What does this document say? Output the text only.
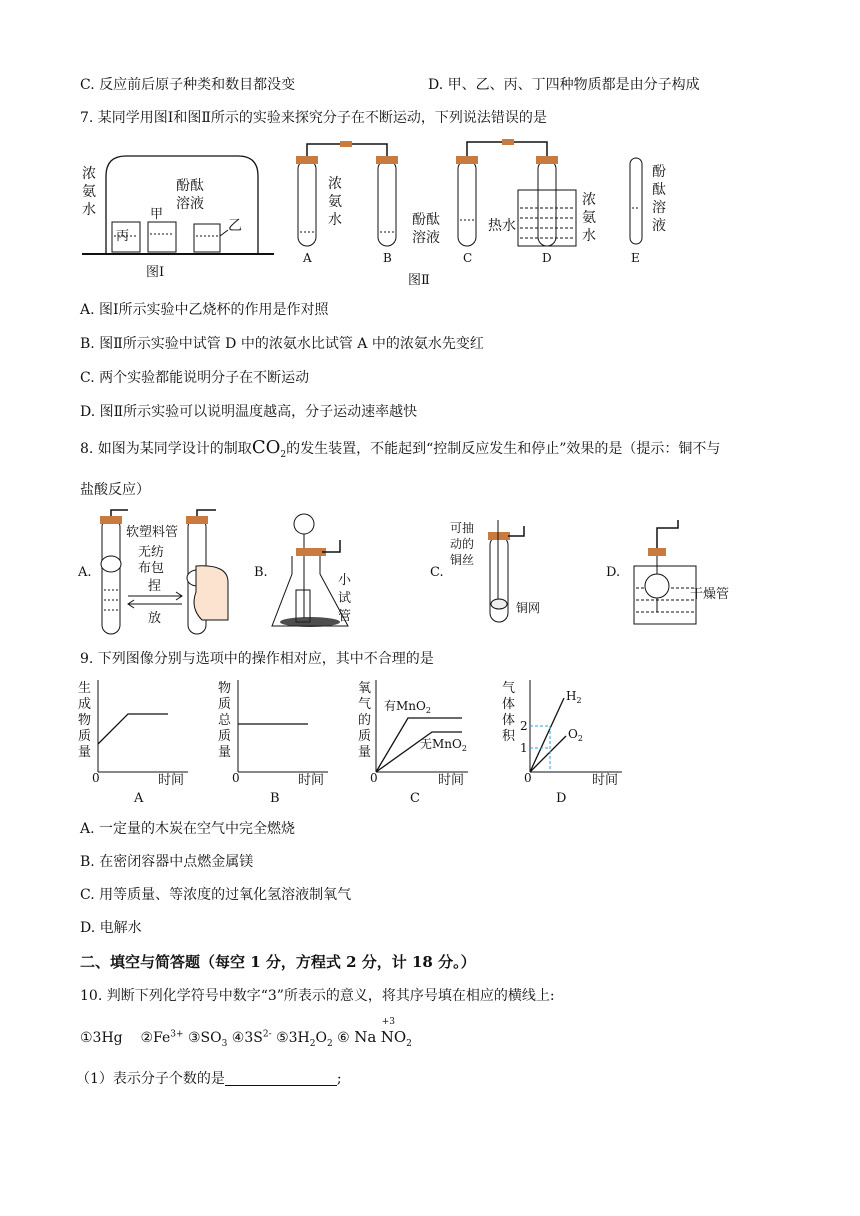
C. 反应前后原子种类和数目都没变	D. 甲、乙、丙、丁四种物质都是由分子构成
7. 某同学用图Ⅰ和图Ⅱ所示的实验来探究分子在不断运动，下列说法错误的是
浓
氨
水
丙
甲
酚酞
溶液
乙
图Ⅰ
浓
氨
水	酚酞
溶液
热水
浓
氨
水
酚
酞
溶
液
A	B	C	D	E
图Ⅱ
A. 图Ⅰ所示实验中乙烧杯的作用是作对照
B. 图Ⅱ所示实验中试管 D 中的浓氨水比试管 A 中的浓氨水先变红
C. 两个实验都能说明分子在不断运动
D. 图Ⅱ所示实验可以说明温度越高，分子运动速率越快
8. 如图为某同学设计的制取$CO_2$的发生装置，不能起到“控制反应发生和停止”效果的是（提示：铜不与
盐酸反应）
A.
软塑料管
无纺
布包
捏
放
B.
小
试
管
C.
可抽
动的
铜丝
铜网
D.
干燥管
9. 下列图像分别与选项中的操作相对应，其中不合理的是
生
成
物
质
量
0	时间
A
物
质
总
质
量
0	时间
B
氧
气
的
质
量
有MnO$_2$
无MnO$_2$
0	时间
C
气
体
体
积
2
1
$H_2$
$O_2$
0	时间
D
A. 一定量的木炭在空气中完全燃烧
B. 在密闭容器中点燃金属镁
C. 用等质量、等浓度的过氧化氢溶液制氧气
D. 电解水
二、填空与简答题（每空 1 分，方程式 2 分，计 18 分。）
10. 判断下列化学符号中数字“3”所表示的意义，将其序号填在相应的横线上:
①3Hg $②Fe^{3+}$ $③SO_3$ $④3S^{2-}$ $⑤3H_2O_2$ ⑥ Na
+3
$NO_2$
（1）表示分子个数的是	;
